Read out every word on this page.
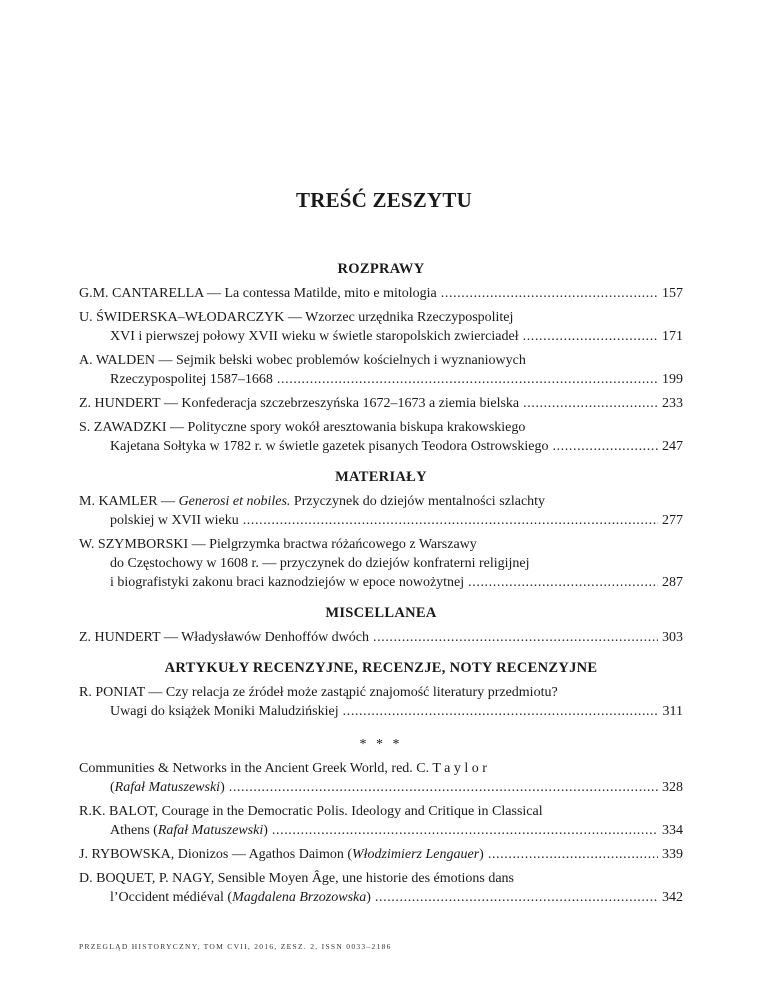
TREŚĆ ZESZYTU
ROZPRAWY
G.M. CANTARELLA — La contessa Matilde, mito e mitologia .....	157
U. ŚWIDERSKA–WŁODARCZYK — Wzorzec urzędnika Rzeczypospolitej
XVI i pierwszej połowy XVII wieku w świetle staropolskich zwierciadeł .....	171
A. WALDEN — Sejmik bełski wobec problemów kościelnych i wyznaniowych
Rzeczypospolitej 1587–1668 .....	199
Z. HUNDERT — Konfederacja szczebrzeszyńska 1672–1673 a ziemia bielska .....	233
S. ZAWADZKI — Polityczne spory wokół aresztowania biskupa krakowskiego
Kajetana Sołtyka w 1782 r. w świetle gazetek pisanych Teodora Ostrowskiego .....	247
MATERIAŁY
M. KAMLER — Generosi et nobiles. Przyczynek do dziejów mentalności szlachty
polskiej w XVII wieku .....	277
W. SZYMBORSKI — Pielgrzymka bractwa różańcowego z Warszawy
do Częstochowy w 1608 r. — przyczynek do dziejów konfraterni religijnej
i biografistyki zakonu braci kaznodziejów w epoce nowożytnej .....	287
MISCELLANEA
Z. HUNDERT — Władysławów Denhoffów dwóch .....	303
ARTYKUŁY RECENZYJNE, RECENZJE, NOTY RECENZYJNE
R. PONIAT — Czy relacja ze źródeł może zastąpić znajomość literatury przedmiotu?
Uwagi do książek Moniki Maludzińskiej .....	311
* * *
Communities & Networks in the Ancient Greek World, red. C. T a y l o r
(Rafał Matuszewski) .....	328
R.K. BALOT, Courage in the Democratic Polis. Ideology and Critique in Classical
Athens (Rafał Matuszewski) .....	334
J. RYBOWSKA, Dionizos — Agathos Daimon (Włodzimierz Lengauer) .....	339
D. BOQUET, P. NAGY, Sensible Moyen Âge, une historie des émotions dans
l’Occident médiéval (Magdalena Brzozowska) .....	342
PRZEGLĄD HISTORYCZNY, TOM CVII, 2016, ZESZ. 2, ISSN 0033–2186
